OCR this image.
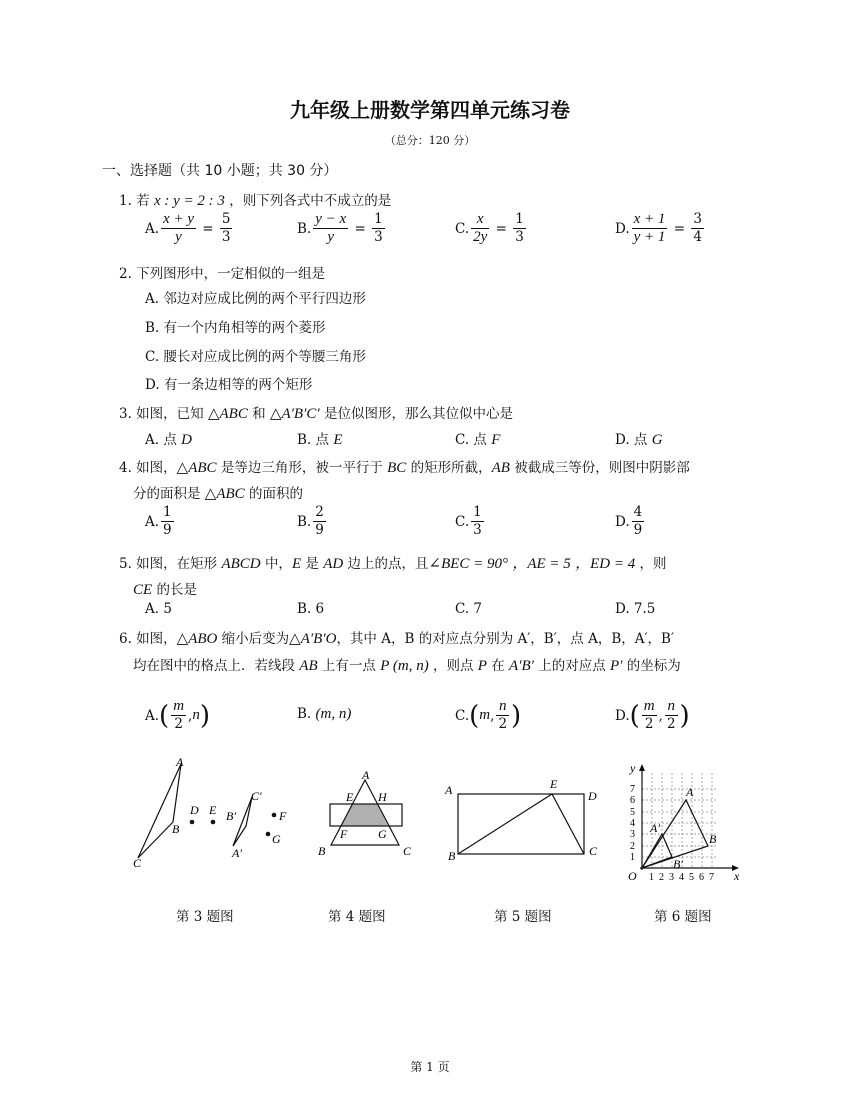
九年级上册数学第四单元练习卷
（总分：120 分）
一、选择题（共 10 小题；共 30 分）
1. 若 x : y = 2 : 3 ，则下列各式中不成立的是
A. $\frac{x + y}{y} = \frac{5}{3}$	B. $\frac{y - x}{y} = \frac{1}{3}$	C. $\frac{x}{2y} = \frac{1}{3}$	D. $\frac{x + 1}{y + 1} = \frac{3}{4}$
2. 下列图形中，一定相似的一组是
A. 邻边对应成比例的两个平行四边形
B. 有一个内角相等的两个菱形
C. 腰长对应成比例的两个等腰三角形
D. 有一条边相等的两个矩形
3. 如图，已知 △ABC 和 △A′B′C′ 是位似图形，那么其位似中心是
A. 点 D	B. 点 E	C. 点 F	D. 点 G
4. 如图，△ABC 是等边三角形，被一平行于 BC 的矩形所截，AB 被截成三等份，则图中阴影部
分的面积是 △ABC 的面积的
A. $\frac{1}{9}$	B. $\frac{2}{9}$	C. $\frac{1}{3}$	D. $\frac{4}{9}$
5. 如图，在矩形 ABCD 中，E 是 AD 边上的点，且∠BEC = 90° ，AE = 5 ，ED = 4 ，则
CE 的长是
A. 5	B. 6	C. 7	D. 7.5
6. 如图，△ABO 缩小后变为△A′B′O，其中 A，B 的对应点分别为 A′，B′，点 A，B，A′，B′
均在图中的格点上．若线段 AB 上有一点 P (m, n) ，则点 P 在 A′B′ 上的对应点 P′ 的坐标为
A. ( $\frac{m}{2}$ , n )	B. (m, n)	C. ( m , $\frac{n}{2}$ )	D. ( $\frac{m}{2}$ , $\frac{n}{2}$ )
A
B
C
D E B′
C′
F
G
A′
A
E H
F	G
B	C
A	E
D
B	C
y
x
O
A
B
A′
B′
7
6
5
4
3
2
1
1 2 3 4 5 6 7
第 3 题图	第 4 题图	第 5 题图	第 6 题图
第 1 页
